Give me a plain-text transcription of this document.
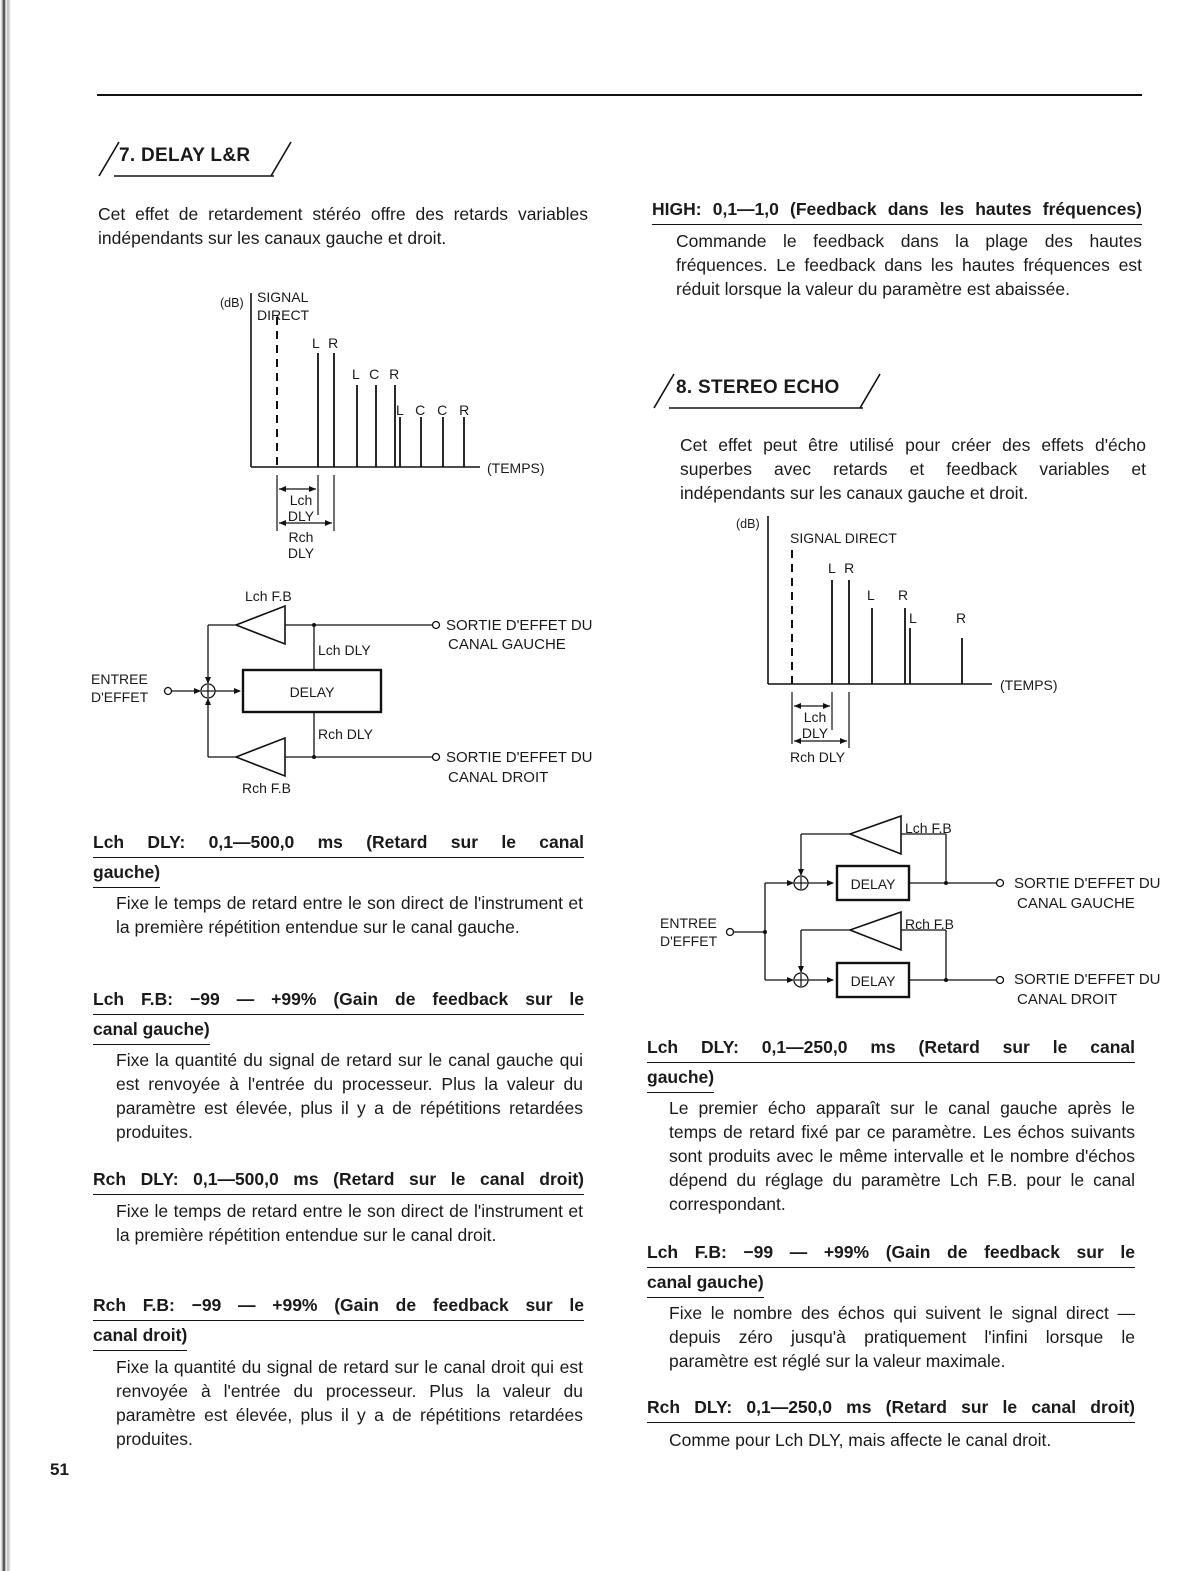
7. DELAY L&R

Cet effet de retardement stéréo offre des retards variables indépendants sur les canaux gauche et droit.

(dB) SIGNAL
DIRECT
L R
L C R
L C C R
(TEMPS)
Lch
DLY
Rch
DLY
Lch F.B
Rch F.B
Lch DLY
Rch DLY
DELAY
ENTREE
D'EFFET
SORTIE D'EFFET DU
CANAL GAUCHE
SORTIE D'EFFET DU
CANAL DROIT
Lch DLY: 0,1—500,0 ms (Retard sur le canal
gauche)

Fixe le temps de retard entre le son direct de l'instrument et la première répétition entendue sur le canal gauche.

Lch F.B: −99 — +99% (Gain de feedback sur le
canal gauche)

Fixe la quantité du signal de retard sur le canal gauche qui est renvoyée à l'entrée du processeur. Plus la valeur du paramètre est élevée, plus il y a de répétitions retardées produites.

Rch DLY: 0,1—500,0 ms (Retard sur le canal droit)

Fixe le temps de retard entre le son direct de l'instrument et la première répétition entendue sur le canal droit.

Rch F.B: −99 — +99% (Gain de feedback sur le
canal droit)

Fixe la quantité du signal de retard sur le canal droit qui est renvoyée à l'entrée du processeur. Plus la valeur du paramètre est élevée, plus il y a de répétitions retardées produites.

HIGH: 0,1—1,0 (Feedback dans les hautes fréquences)

Commande le feedback dans la plage des hautes fréquences. Le feedback dans les hautes fréquences est réduit lorsque la valeur du paramètre est abaissée.

8. STEREO ECHO

Cet effet peut être utilisé pour créer des effets d'écho superbes avec retards et feedback variables et indépendants sur les canaux gauche et droit.

(dB)
SIGNAL DIRECT
L R
L R
L	R
(TEMPS)
Lch
DLY
Rch DLY
Lch F.B
Rch F.B
DELAY
DELAY
ENTREE
D'EFFET
SORTIE D'EFFET DU
CANAL GAUCHE
SORTIE D'EFFET DU
CANAL DROIT
Lch DLY: 0,1—250,0 ms (Retard sur le canal
gauche)

Le premier écho apparaît sur le canal gauche après le temps de retard fixé par ce paramètre. Les échos suivants sont produits avec le même intervalle et le nombre d'échos dépend du réglage du paramètre Lch F.B. pour le canal correspondant.

Lch F.B: −99 — +99% (Gain de feedback sur le
canal gauche)

Fixe le nombre des échos qui suivent le signal direct —depuis zéro jusqu'à pratiquement l'infini lorsque le paramètre est réglé sur la valeur maximale.

Rch DLY: 0,1—250,0 ms (Retard sur le canal droit)

Comme pour Lch DLY, mais affecte le canal droit.

51
